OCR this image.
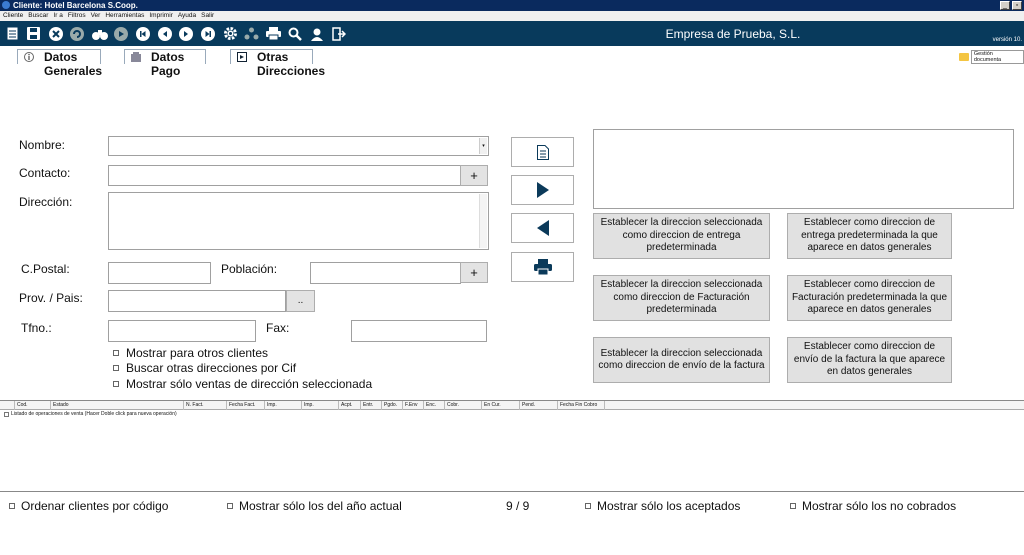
Cliente: Hotel Barcelona S.Coop.	_	▫
Cliente Buscar Ir a Filtros Ver Herramientas Imprimir Ayuda Salir
Empresa de Prueba, S.L.	versión 10.
Datos Generales
Datos Pago
Otras Direcciones
Gestión documenta
Nombre:	▾
Contacto:	+
Dirección:
C.Postal:	Población:	+
Prov. / Pais:	..
Tfno.:	Fax:
Mostrar para otros clientes
Buscar otras direcciones por Cif
Mostrar sólo ventas de dirección seleccionada
Establecer la direccion seleccionada como direccion de entrega predeterminada
Establecer como direccion de entrega predeterminada la que aparece en datos generales
Establecer la direccion seleccionada como direccion de Facturación predeterminada
Establecer como direccion de Facturación predeterminada la que aparece en datos generales
Establecer la direccion seleccionada como direccion de envío de la factura
Establecer como direccion de envío de la factura la que aparece en datos generales
Cod.	Estado	N. Fact.	Fecha Fact.	Imp.	Imp.	Acpt.	Entr.	Pgdo.	F.Env	Enc.	Cobr.	En Cur.	Pend.	Fecha Fin Cobro
Listado de operaciones de venta (Hacer Doble click para nueva operación)
Ordenar clientes por código	Mostrar sólo los del año actual	9 / 9	Mostrar sólo los aceptados	Mostrar sólo los no cobrados
